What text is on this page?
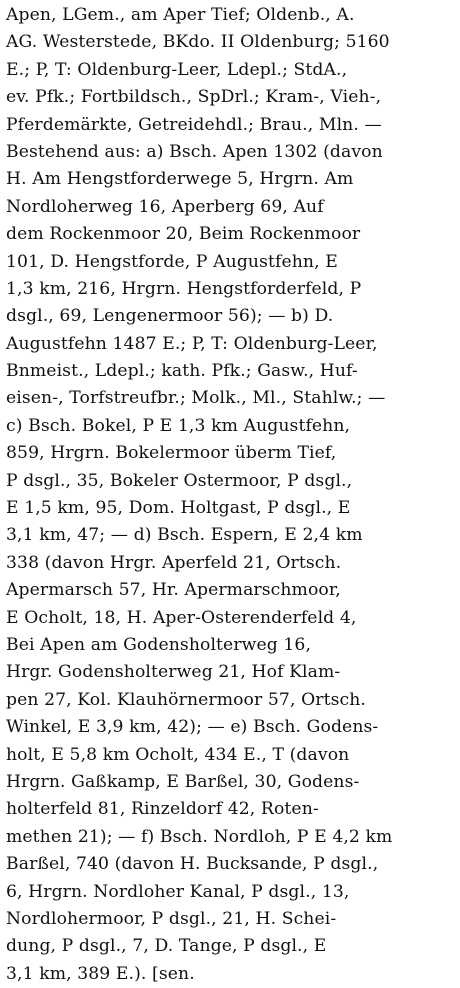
Apen, LGem., am Aper Tief; Oldenb., A.
AG. Westerstede, BKdo. II Oldenburg; 5160
E.; P, T: Oldenburg-Leer, Ldepl.; StdA.,
ev. Pfk.; Fortbildsch., SpDrl.; Kram-, Vieh-,
Pferdemärkte, Getreidehdl.; Brau., Mln. —
Bestehend aus: a) Bsch. Apen 1302 (davon
H. Am Hengstforderwege 5, Hrgrn. Am
Nordloherweg 16, Aperberg 69, Auf
dem Rockenmoor 20, Beim Rockenmoor
101, D. Hengstforde, P Augustfehn, E
1,3 km, 216, Hrgrn. Hengstforderfeld, P
dsgl., 69, Lengenermoor 56); — b) D.
Augustfehn 1487 E.; P, T: Oldenburg-Leer,
Bnmeist., Ldepl.; kath. Pfk.; Gasw., Huf-
eisen-, Torfstreufbr.; Molk., Ml., Stahlw.; —
c) Bsch. Bokel, P E 1,3 km Augustfehn,
859, Hrgrn. Bokelermoor überm Tief,
P dsgl., 35, Bokeler Ostermoor, P dsgl.,
E 1,5 km, 95, Dom. Holtgast, P dsgl., E
3,1 km, 47; — d) Bsch. Espern, E 2,4 km
338 (davon Hrgr. Aperfeld 21, Ortsch.
Apermarsch 57, Hr. Apermarschmoor,
E Ocholt, 18, H. Aper-Osterenderfeld 4,
Bei Apen am Godensholterweg 16,
Hrgr. Godensholterweg 21, Hof Klam-
pen 27, Kol. Klauhörnermoor 57, Ortsch.
Winkel, E 3,9 km, 42); — e) Bsch. Godens-
holt, E 5,8 km Ocholt, 434 E., T (davon
Hrgrn. Gaßkamp, E Barßel, 30, Godens-
holterfeld 81, Rinzeldorf 42, Roten-
methen 21); — f) Bsch. Nordloh, P E 4,2 km
Barßel, 740 (davon H. Bucksande, P dsgl.,
6, Hrgrn. Nordloher Kanal, P dsgl., 13,
Nordlohermoor, P dsgl., 21, H. Schei-
dung, P dsgl., 7, D. Tange, P dsgl., E
3,1 km, 389 E.). [sen.
